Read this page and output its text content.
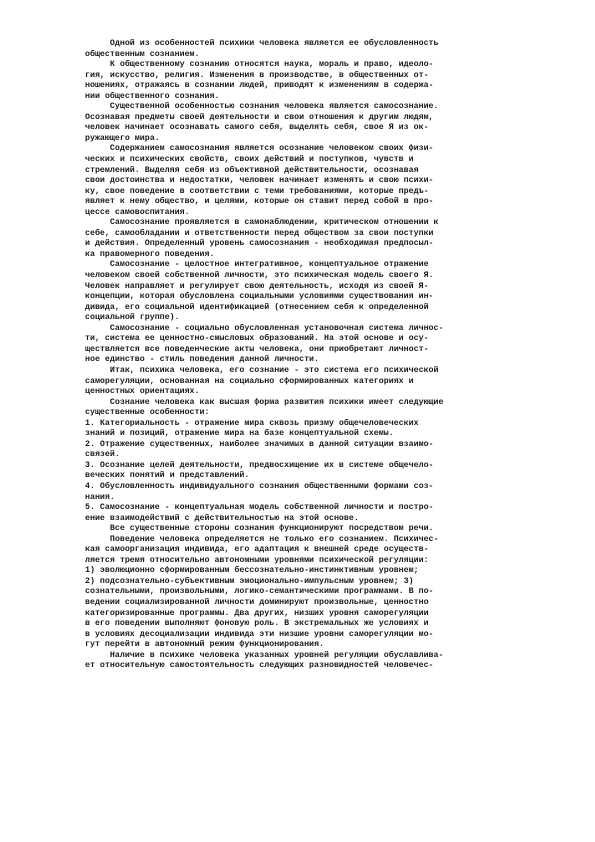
Одной из особенностей психики человека является ее обусловленность
общественным сознанием.
К общественному сознанию относятся наука, мораль и право, идеоло-
гия, искусство, религия. Изменения в производстве, в общественных от-
ношениях, отражаясь в сознании людей, приводят к изменениям в содержа-
нии общественного сознания.
Существенной особенностью сознания человека является самосознание.
Осознавая предметы своей деятельности и свои отношения к другим людям,
человек начинает осознавать самого себя, выделять себя, свое Я из ок-
ружающего мира.
Содержанием самосознания является осознание человеком своих физи-
ческих и психических свойств, своих действий и поступков, чувств и
стремлений. Выделяя себя из объективной действительности, осознавая
свои достоинства и недостатки, человек начинает изменять и свою психи-
ку, свое поведение в соответствии с теми требованиями, которые предъ-
являет к нему общество, и целями, которые он ставит перед собой в про-
цессе самовоспитания.
Самосознание проявляется в самонаблюдении, критическом отношении к
себе, самообладании и ответственности перед обществом за свои поступки
и действия. Определенный уровень самосознания - необходимая предпосыл-
ка правомерного поведения.
Самосознание - целостное интегративное, концептуальное отражение
человеком своей собственной личности, это психическая модель своего Я.
Человек направляет и регулирует свою деятельность, исходя из своей Я-
концепции, которая обусловлена социальными условиями существования ин-
дивида, его социальной идентификацией (отнесением себя к определенной
социальной группе).
Самосознание - социально обусловленная установочная система личнос-
ти, система ее ценностно-смысловых образований. На этой основе и осу-
ществляется все поведенческие акты человека, они приобретают личност-
ное единство - стиль поведения данной личности.
Итак, психика человека, его сознание - это система его психической
саморегуляции, основанная на социально сформированных категориях и
ценностных ориентациях.
Сознание человека как высшая форма развития психики имеет следующие
существенные особенности:
1. Категориальность - отражение мира сквозь призму общечеловеческих
знаний и позиций, отражение мира на базе концептуальной схемы.
2. Отражение существенных, наиболее значимых в данной ситуации взаимо-
связей.
3. Осознание целей деятельности, предвосхищение их в системе общечело-
веческих понятий и представлений.
4. Обусловленность индивидуального сознания общественными формами соз-
нания.
5. Самосознание - концептуальная модель собственной личности и постро-
ение взаимодействий с действительностью на этой основе.
Все существенные стороны сознания функционируют посредством речи.
Поведение человека определяется не только его сознанием. Психичес-
кая самоорганизация индивида, его адаптация к внешней среде осуществ-
ляется тремя относительно автономными уровнями психической регуляции:
1) эволюционно сформированным бессознательно-инстинктивным уровнем;
2) подсознательно-субъективным эмоционально-импульсным уровнем; 3)
сознательными, произвольными, логико-семантическими программами. В по-
ведении социализированной личности доминируют произвольные, ценностно
категоризированные программы. Два других, низших уровня саморегуляции
в его поведении выполняют фоновую роль. В экстремальных же условиях и
в условиях десоциализации индивида эти низшие уровни саморегуляции мо-
гут перейти в автономный режим функционирования.
Наличие в психике человека указанных уровней регуляции обуславлива-
ет относительную самостоятельность следующих разновидностей человечес-
